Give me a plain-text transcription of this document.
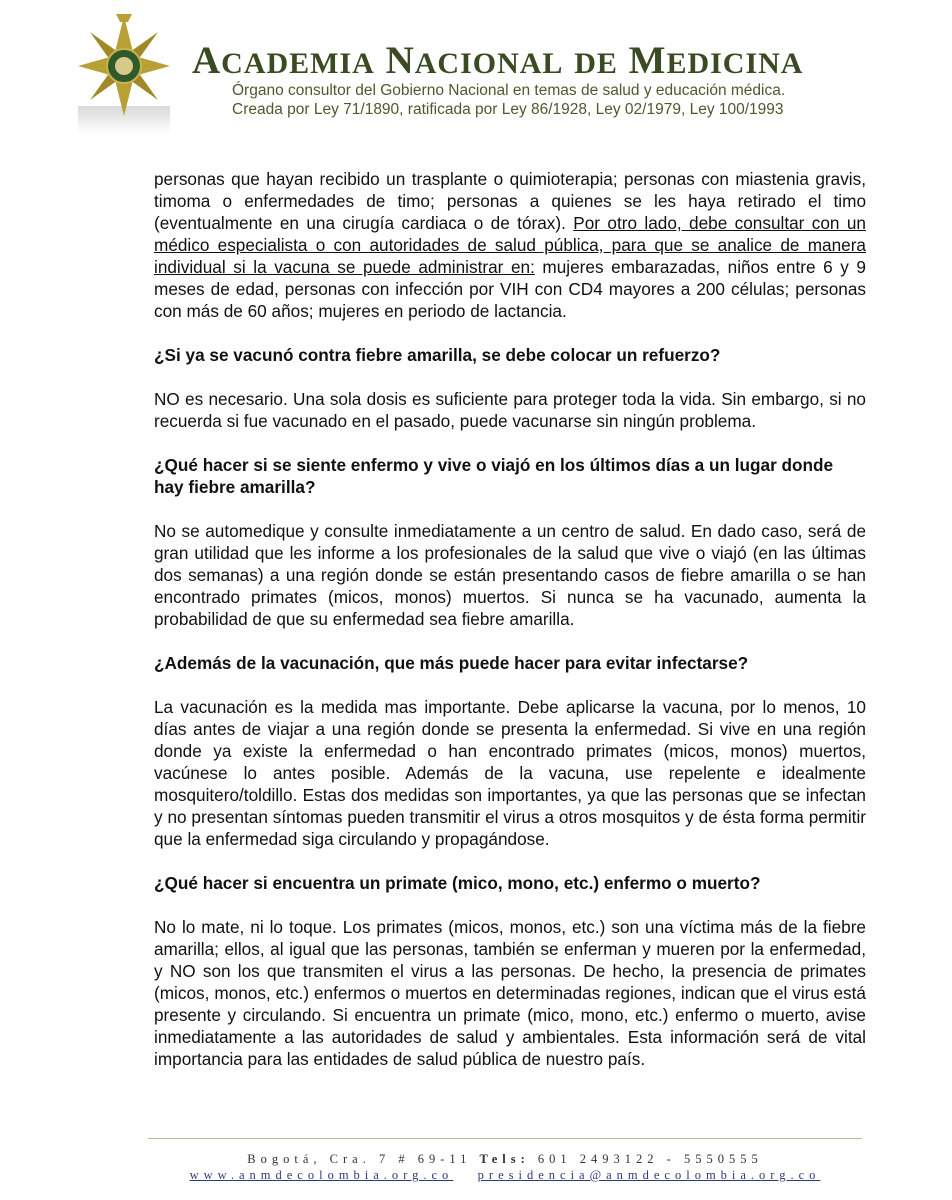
ACADEMIA NACIONAL DE MEDICINA
Órgano consultor del Gobierno Nacional en temas de salud y educación médica.
Creada por Ley 71/1890, ratificada por Ley 86/1928, Ley 02/1979, Ley 100/1993

personas que hayan recibido un trasplante o quimioterapia; personas con miastenia gravis, timoma o enfermedades de timo; personas a quienes se les haya retirado el timo (eventualmente en una cirugía cardiaca o de tórax). Por otro lado, debe consultar con un médico especialista o con autoridades de salud pública, para que se analice de manera individual si la vacuna se puede administrar en: mujeres embarazadas, niños entre 6 y 9 meses de edad, personas con infección por VIH con CD4 mayores a 200 células; personas con más de 60 años; mujeres en periodo de lactancia.

¿Si ya se vacunó contra fiebre amarilla, se debe colocar un refuerzo?

NO es necesario. Una sola dosis es suficiente para proteger toda la vida. Sin embargo, si no recuerda si fue vacunado en el pasado, puede vacunarse sin ningún problema.

¿Qué hacer si se siente enfermo y vive o viajó en los últimos días a un lugar donde hay fiebre amarilla?

No se automedique y consulte inmediatamente a un centro de salud. En dado caso, será de gran utilidad que les informe a los profesionales de la salud que vive o viajó (en las últimas dos semanas) a una región donde se están presentando casos de fiebre amarilla o se han encontrado primates (micos, monos) muertos. Si nunca se ha vacunado, aumenta la probabilidad de que su enfermedad sea fiebre amarilla.

¿Además de la vacunación, que más puede hacer para evitar infectarse?

La vacunación es la medida mas importante. Debe aplicarse la vacuna, por lo menos, 10 días antes de viajar a una región donde se presenta la enfermedad. Si vive en una región donde ya existe la enfermedad o han encontrado primates (micos, monos) muertos, vacúnese lo antes posible. Además de la vacuna, use repelente e idealmente mosquitero/toldillo. Estas dos medidas son importantes, ya que las personas que se infectan y no presentan síntomas pueden transmitir el virus a otros mosquitos y de ésta forma permitir que la enfermedad siga circulando y propagándose.

¿Qué hacer si encuentra un primate (mico, mono, etc.) enfermo o muerto?

No lo mate, ni lo toque. Los primates (micos, monos, etc.) son una víctima más de la fiebre amarilla; ellos, al igual que las personas, también se enferman y mueren por la enfermedad, y NO son los que transmiten el virus a las personas. De hecho, la presencia de primates (micos, monos, etc.) enfermos o muertos en determinadas regiones, indican que el virus está presente y circulando. Si encuentra un primate (mico, mono, etc.) enfermo o muerto, avise inmediatamente a las autoridades de salud y ambientales. Esta información será de vital importancia para las entidades de salud pública de nuestro país.

Bogotá, Cra. 7 # 69-11 Tels: 601 2493122 - 5550555
www.anmdecolombia.org.co presidencia@anmdecolombia.org.co
